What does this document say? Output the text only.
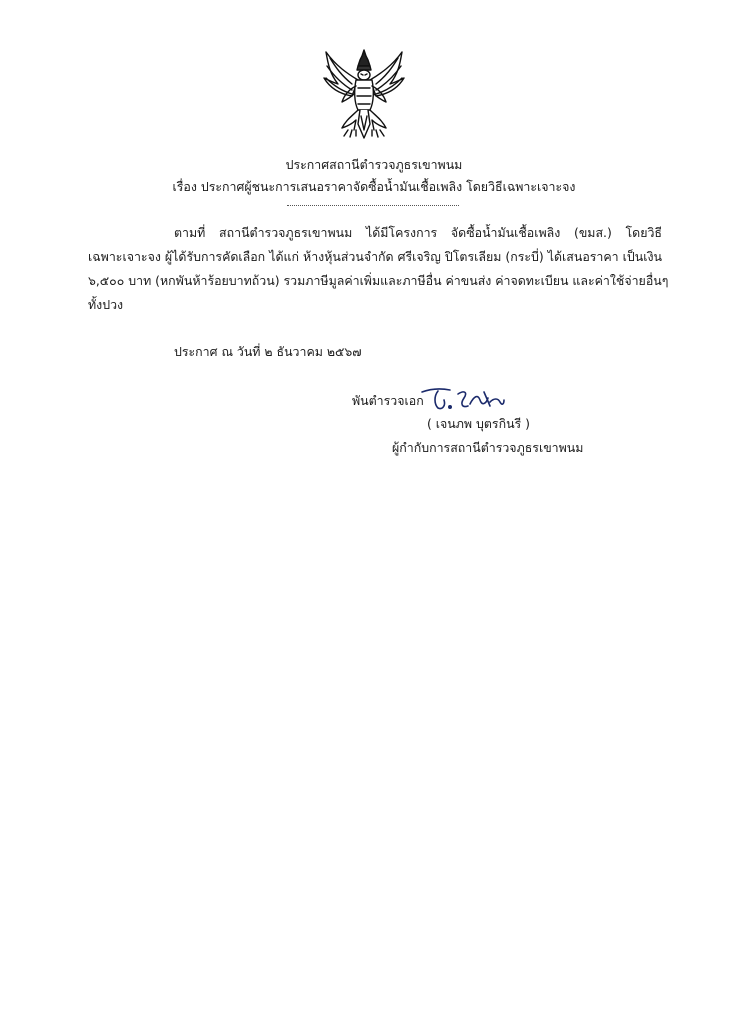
ประกาศสถานีตำรวจภูธรเขาพนม
เรื่อง ประกาศผู้ชนะการเสนอราคาจัดซื้อน้ำมันเชื้อเพลิง โดยวิธีเฉพาะเจาะจง
ตามที่ สถานีตำรวจภูธรเขาพนม ได้มีโครงการ จัดซื้อน้ำมันเชื้อเพลิง (ขมส.) โดยวิธี
เฉพาะเจาะจง ผู้ได้รับการคัดเลือก ได้แก่ ห้างหุ้นส่วนจำกัด ศรีเจริญ ปิโตรเลียม (กระบี่) ได้เสนอราคา เป็นเงิน
๖,๕๐๐ บาท (หกพันห้าร้อยบาทถ้วน) รวมภาษีมูลค่าเพิ่มและภาษีอื่น ค่าขนส่ง ค่าจดทะเบียน และค่าใช้จ่ายอื่นๆ
ทั้งปวง
ประกาศ ณ วันที่ ๒ ธันวาคม ๒๕๖๗
พันตำรวจเอก
( เจนภพ บุตรกินรี )
ผู้กำกับการสถานีตำรวจภูธรเขาพนม
